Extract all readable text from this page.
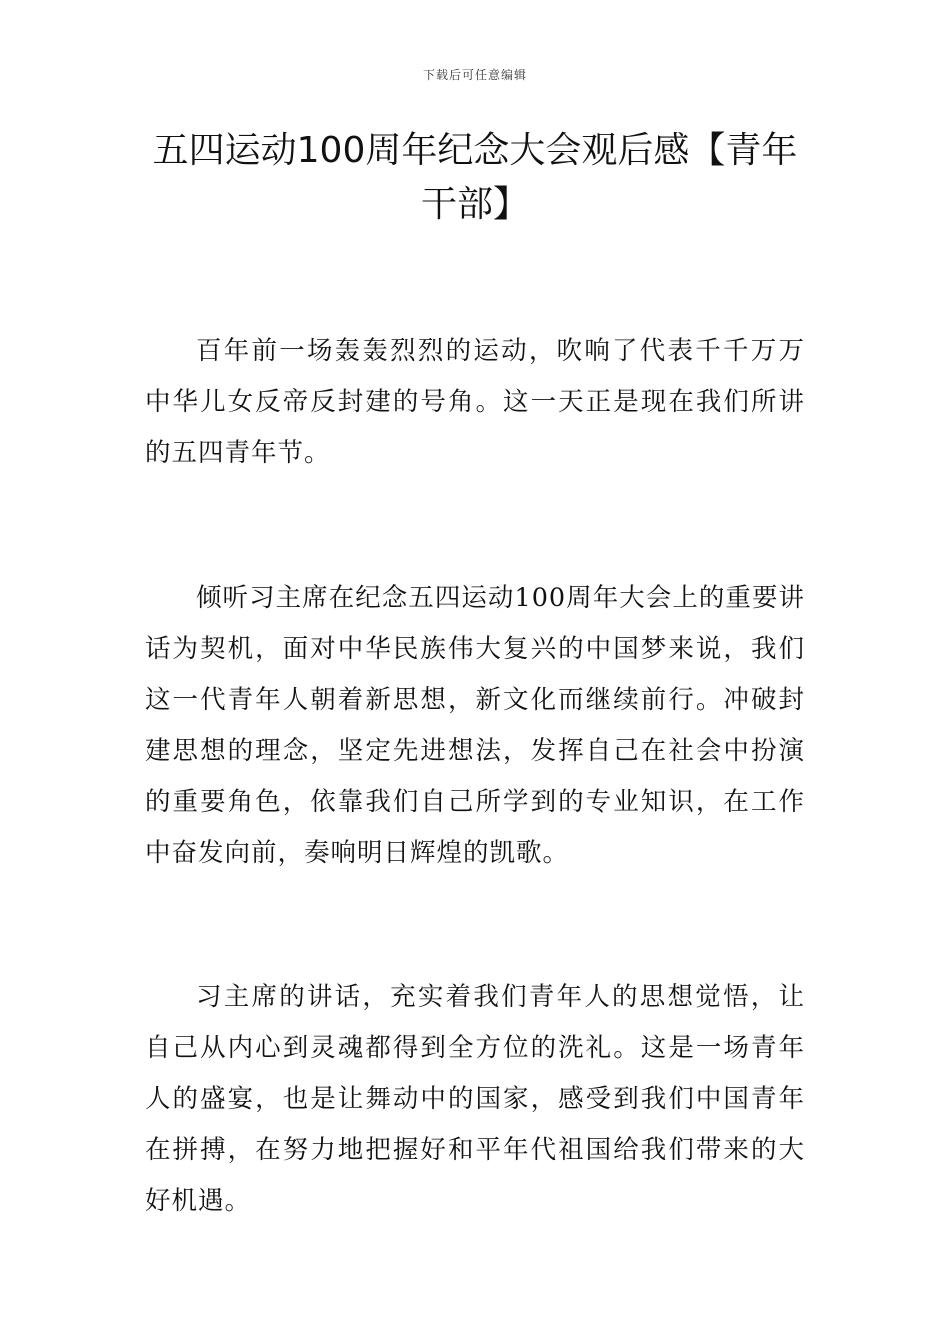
下载后可任意编辑
五四运动100周年纪念大会观后感【青年干部】

百年前一场轰轰烈烈的运动，吹响了代表千千万万中华儿女反帝反封建的号角。这一天正是现在我们所讲的五四青年节。

倾听习主席在纪念五四运动100周年大会上的重要讲话为契机，面对中华民族伟大复兴的中国梦来说，我们这一代青年人朝着新思想，新文化而继续前行。冲破封建思想的理念，坚定先进想法，发挥自己在社会中扮演的重要角色，依靠我们自己所学到的专业知识，在工作中奋发向前，奏响明日辉煌的凯歌。

习主席的讲话，充实着我们青年人的思想觉悟，让自己从内心到灵魂都得到全方位的洗礼。这是一场青年人的盛宴，也是让舞动中的国家，感受到我们中国青年在拼搏，在努力地把握好和平年代祖国给我们带来的大好机遇。
